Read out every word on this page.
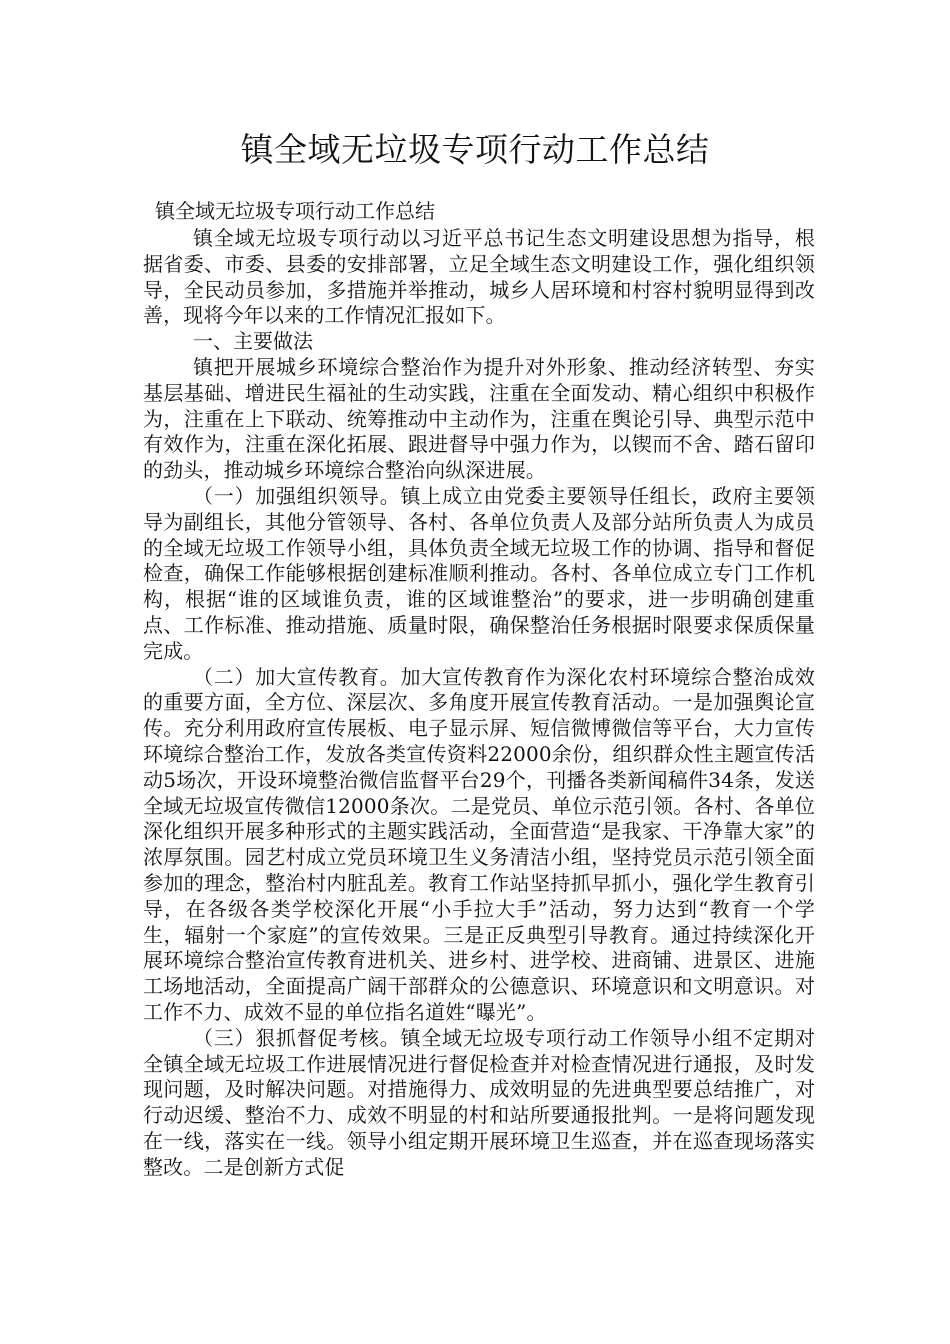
镇全域无垃圾专项行动工作总结
镇全域无垃圾专项行动工作总结

镇全域无垃圾专项行动以习近平总书记生态文明建设思想为指导，根据省委、市委、县委的安排部署，立足全域生态文明建设工作，强化组织领导，全民动员参加，多措施并举推动，城乡人居环境和村容村貌明显得到改善，现将今年以来的工作情况汇报如下。

一、主要做法

镇把开展城乡环境综合整治作为提升对外形象、推动经济转型、夯实基层基础、增进民生福祉的生动实践，注重在全面发动、精心组织中积极作为，注重在上下联动、统筹推动中主动作为，注重在舆论引导、典型示范中有效作为，注重在深化拓展、跟进督导中强力作为，以锲而不舍、踏石留印的劲头，推动城乡环境综合整治向纵深进展。

（一）加强组织领导。镇上成立由党委主要领导任组长，政府主要领导为副组长，其他分管领导、各村、各单位负责人及部分站所负责人为成员的全域无垃圾工作领导小组，具体负责全域无垃圾工作的协调、指导和督促检查，确保工作能够根据创建标准顺利推动。各村、各单位成立专门工作机构，根据“谁的区域谁负责，谁的区域谁整治”的要求，进一步明确创建重点、工作标准、推动措施、质量时限，确保整治任务根据时限要求保质保量完成。

（二）加大宣传教育。加大宣传教育作为深化农村环境综合整治成效的重要方面，全方位、深层次、多角度开展宣传教育活动。一是加强舆论宣传。充分利用政府宣传展板、电子显示屏、短信微博微信等平台，大力宣传环境综合整治工作，发放各类宣传资料22000余份，组织群众性主题宣传活动5场次，开设环境整治微信监督平台29个，刊播各类新闻稿件34条，发送全域无垃圾宣传微信12000条次。二是党员、单位示范引领。各村、各单位深化组织开展多种形式的主题实践活动，全面营造“是我家、干净靠大家”的浓厚氛围。园艺村成立党员环境卫生义务清洁小组，坚持党员示范引领全面参加的理念，整治村内脏乱差。教育工作站坚持抓早抓小，强化学生教育引导，在各级各类学校深化开展“小手拉大手”活动，努力达到“教育一个学生，辐射一个家庭”的宣传效果。三是正反典型引导教育。通过持续深化开展环境综合整治宣传教育进机关、进乡村、进学校、进商铺、进景区、进施工场地活动，全面提高广阔干部群众的公德意识、环境意识和文明意识。对工作不力、成效不显的单位指名道姓“曝光”。

（三）狠抓督促考核。镇全域无垃圾专项行动工作领导小组不定期对全镇全域无垃圾工作进展情况进行督促检查并对检查情况进行通报，及时发现问题，及时解决问题。对措施得力、成效明显的先进典型要总结推广，对行动迟缓、整治不力、成效不明显的村和站所要通报批判。一是将问题发现在一线，落实在一线。领导小组定期开展环境卫生巡查，并在巡查现场落实整改。二是创新方式促
